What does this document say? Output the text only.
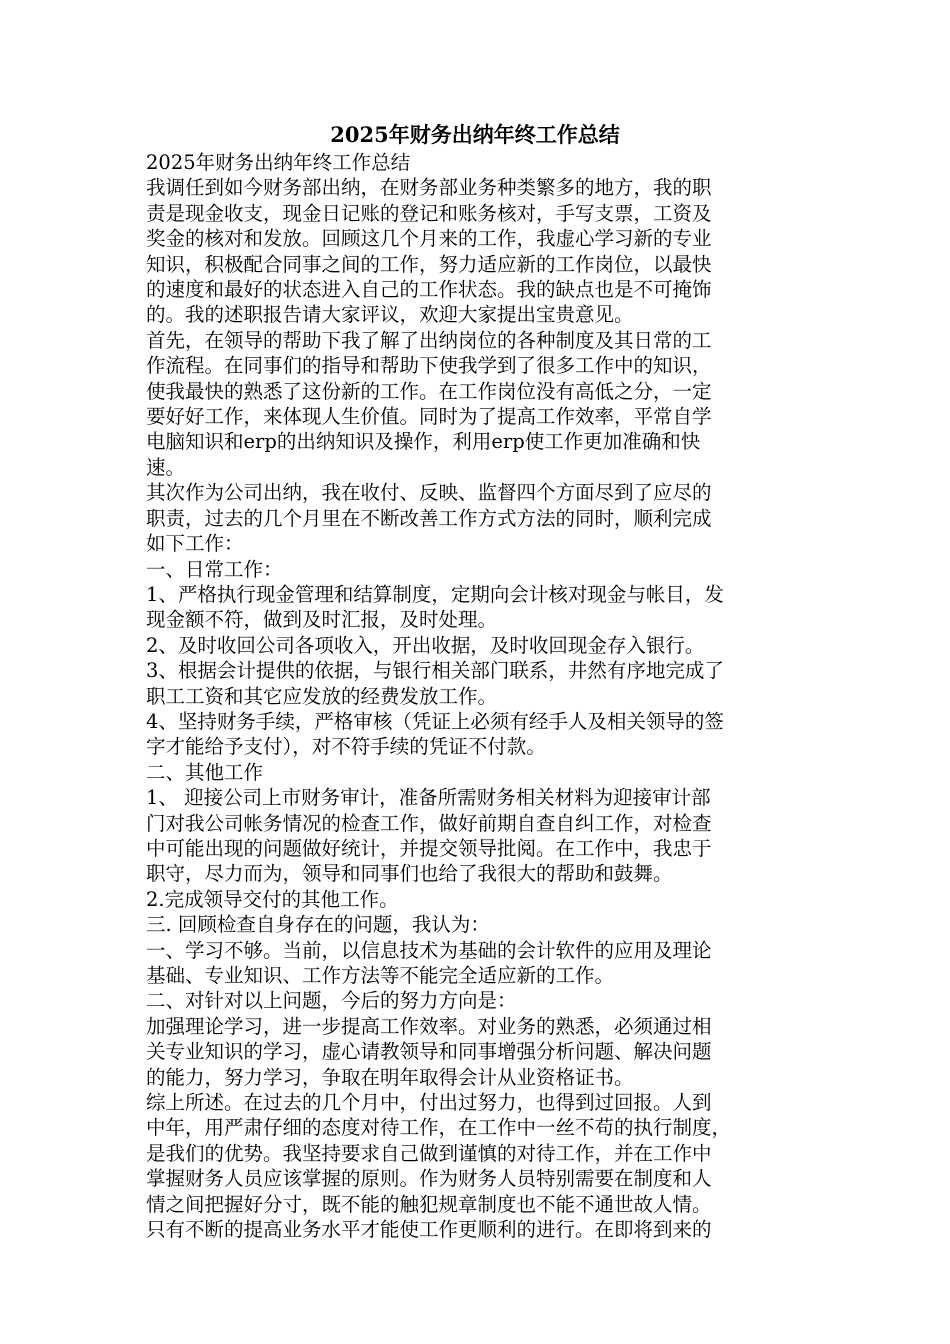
2025年财务出纳年终工作总结
2025年财务出纳年终工作总结
我调任到如今财务部出纳，在财务部业务种类繁多的地方，我的职
责是现金收支，现金日记账的登记和账务核对，手写支票，工资及
奖金的核对和发放。回顾这几个月来的工作，我虚心学习新的专业
知识，积极配合同事之间的工作，努力适应新的工作岗位，以最快
的速度和最好的状态进入自己的工作状态。我的缺点也是不可掩饰
的。我的述职报告请大家评议，欢迎大家提出宝贵意见。
首先，在领导的帮助下我了解了出纳岗位的各种制度及其日常的工
作流程。在同事们的指导和帮助下使我学到了很多工作中的知识，
使我最快的熟悉了这份新的工作。在工作岗位没有高低之分，一定
要好好工作，来体现人生价值。同时为了提高工作效率，平常自学
电脑知识和erp的出纳知识及操作，利用erp使工作更加准确和快
速。
其次作为公司出纳，我在收付、反映、监督四个方面尽到了应尽的
职责，过去的几个月里在不断改善工作方式方法的同时，顺利完成
如下工作：
一、日常工作：
1、严格执行现金管理和结算制度，定期向会计核对现金与帐目，发
现金额不符，做到及时汇报，及时处理。
2、及时收回公司各项收入，开出收据，及时收回现金存入银行。
3、根据会计提供的依据，与银行相关部门联系，井然有序地完成了
职工工资和其它应发放的经费发放工作。
4、坚持财务手续，严格审核（凭证上必须有经手人及相关领导的签
字才能给予支付），对不符手续的凭证不付款。
二、其他工作
1、 迎接公司上市财务审计，准备所需财务相关材料为迎接审计部
门对我公司帐务情况的检查工作，做好前期自查自纠工作，对检查
中可能出现的问题做好统计，并提交领导批阅。在工作中，我忠于
职守，尽力而为，领导和同事们也给了我很大的帮助和鼓舞。
2.完成领导交付的其他工作。
三. 回顾检查自身存在的问题，我认为：
一、学习不够。当前，以信息技术为基础的会计软件的应用及理论
基础、专业知识、工作方法等不能完全适应新的工作。
二、对针对以上问题，今后的努力方向是：
加强理论学习，进一步提高工作效率。对业务的熟悉，必须通过相
关专业知识的学习，虚心请教领导和同事增强分析问题、解决问题
的能力，努力学习，争取在明年取得会计从业资格证书。
综上所述。在过去的几个月中，付出过努力，也得到过回报。人到
中年，用严肃仔细的态度对待工作，在工作中一丝不苟的执行制度，
是我们的优势。我坚持要求自己做到谨慎的对待工作，并在工作中
掌握财务人员应该掌握的原则。作为财务人员特别需要在制度和人
情之间把握好分寸，既不能的触犯规章制度也不能不通世故人情。
只有不断的提高业务水平才能使工作更顺利的进行。在即将到来的
